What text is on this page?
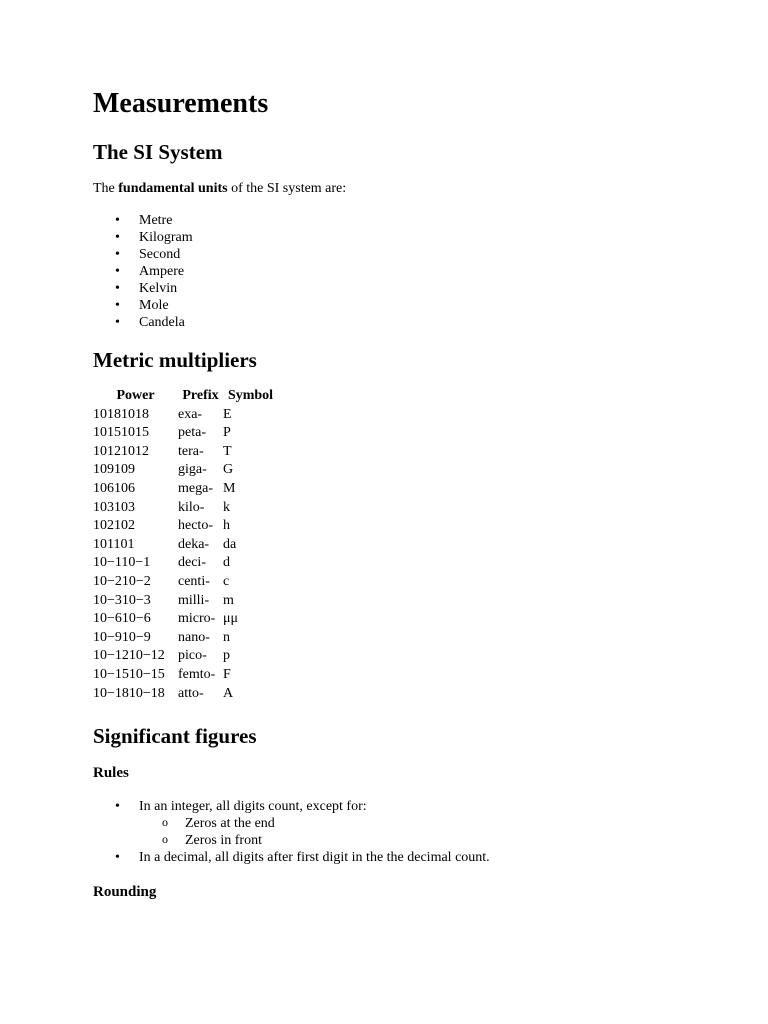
Measurements
The SI System

The fundamental units of the SI system are:

• Metre
• Kilogram
• Second
• Ampere
• Kelvin
• Mole
• Candela
Metric multipliers
Power	Prefix	Symbol
10181018	exa-	E
10151015	peta-	P
10121012	tera-	T
109109	giga-	G
106106	mega-	M
103103	kilo-	k
102102	hecto-	h
101101	deka-	da
10−110−1	deci-	d
10−210−2	centi-	c
10−310−3	milli-	m
10−610−6	micro-	μμ
10−910−9	nano-	n
10−1210−12	pico-	p
10−1510−15	femto-	F
10−1810−18	atto-	A
Significant figures
Rules
• In an integer, all digits count, except for:
o Zeros at the end
o Zeros in front
• In a decimal, all digits after first digit in the the decimal count.
Rounding
